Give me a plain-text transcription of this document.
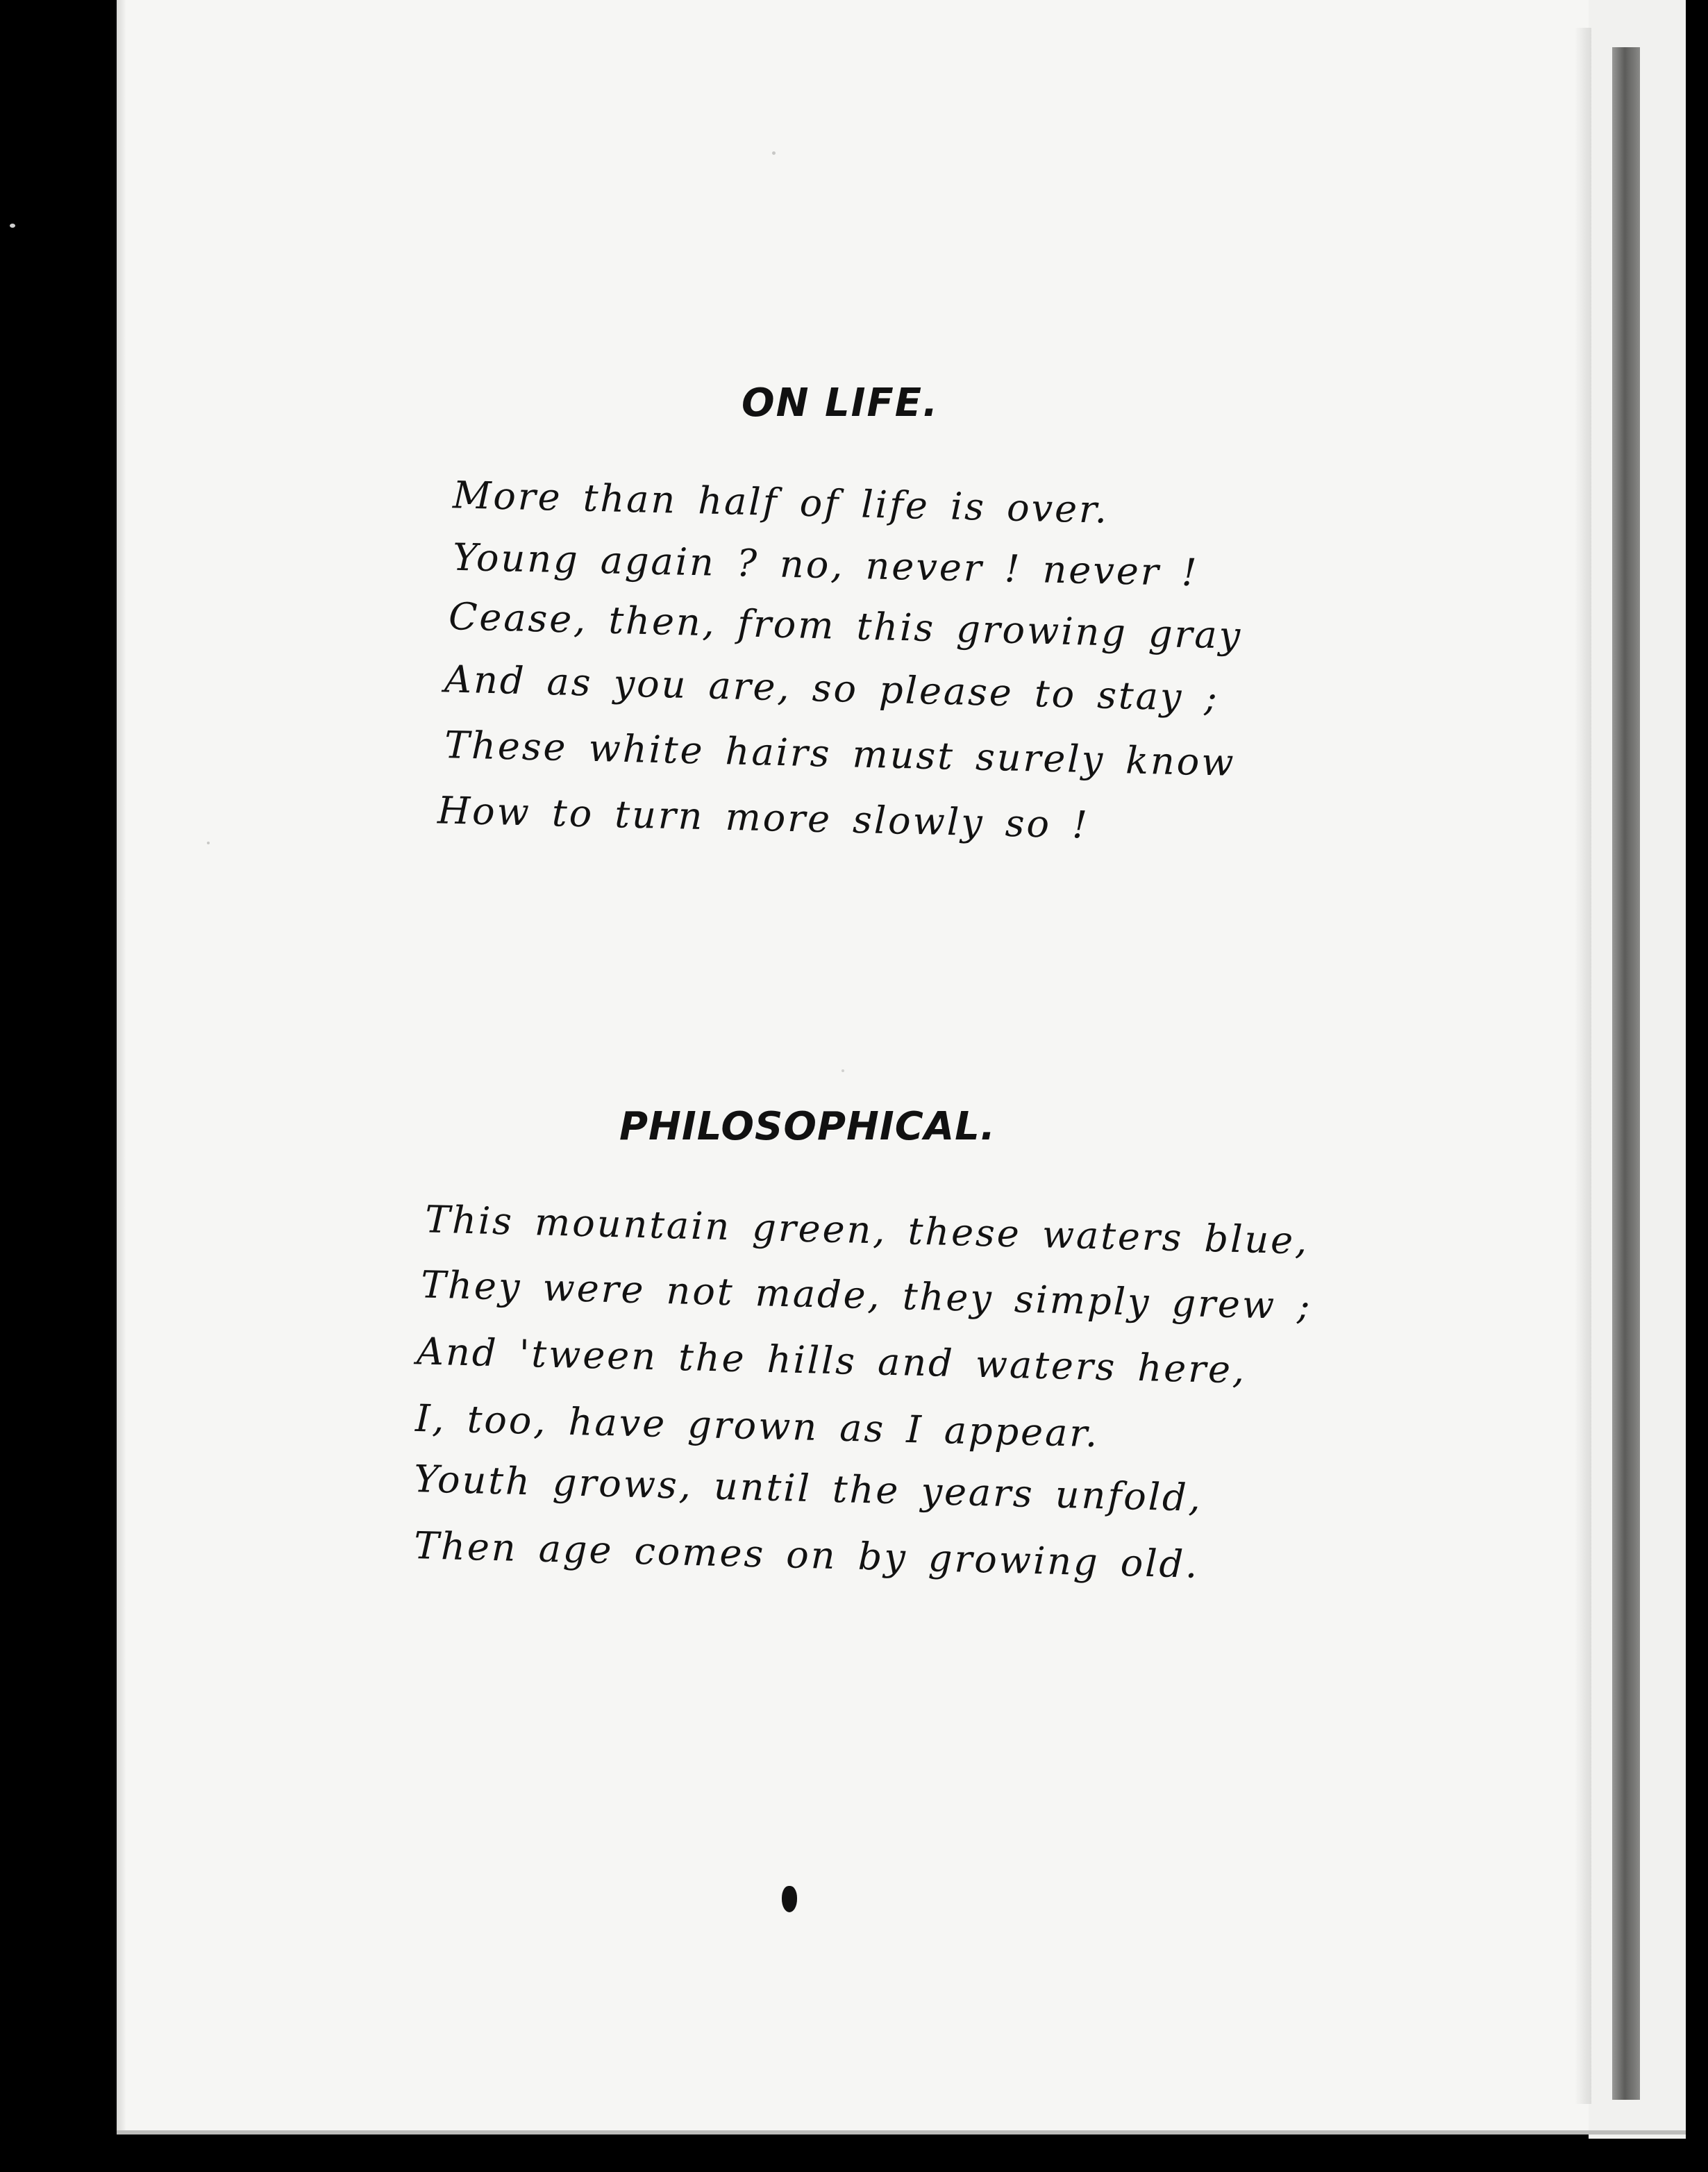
ON LIFE.

More than half of life is over.

Young again ? no, never ! never !

Cease, then, from this growing gray

And as you are, so please to stay ;

These white hairs must surely know

How to turn more slowly so !

PHILOSOPHICAL.

This mountain green, these waters blue,

They were not made, they simply grew ;

And 'tween the hills and waters here,

I, too, have grown as I appear.

Youth grows, until the years unfold,

Then age comes on by growing old.
